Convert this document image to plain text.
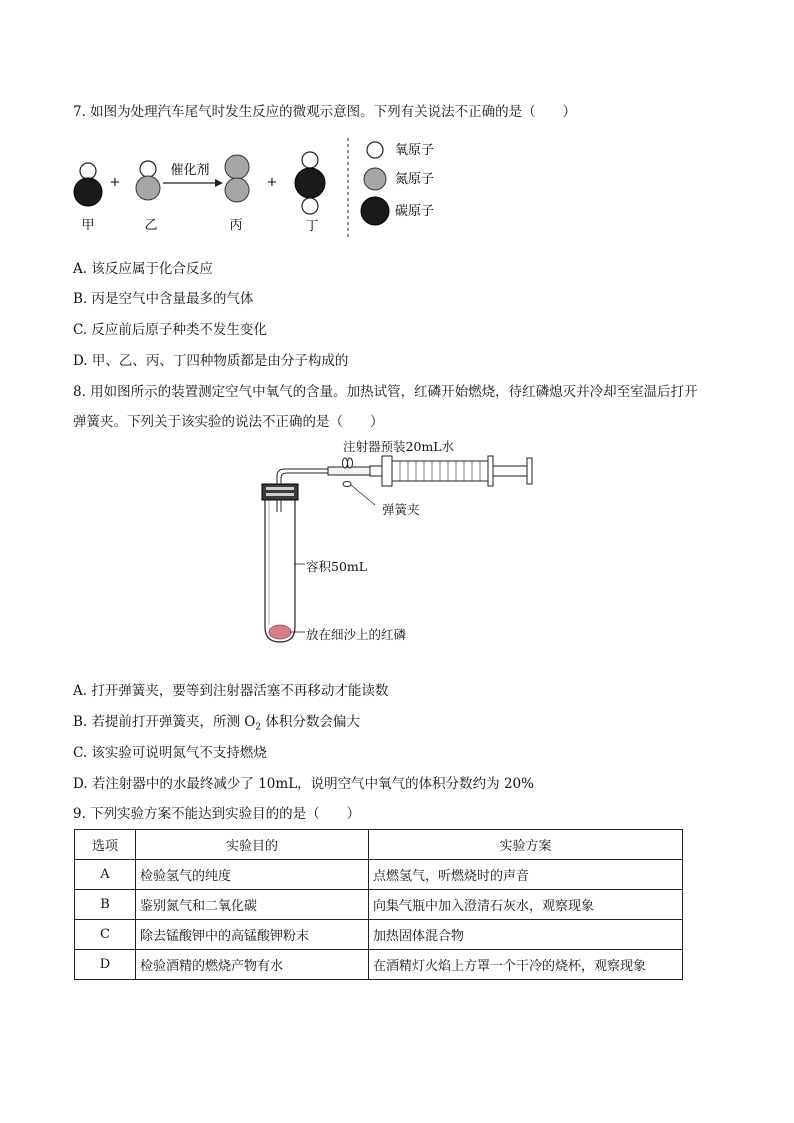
7. 如图为处理汽车尾气时发生反应的微观示意图。下列有关说法不正确的是（　　）
甲
+
乙
催化剂
丙
+
丁
氧原子
氮原子
碳原子
A. 该反应属于化合反应
B. 丙是空气中含量最多的气体
C. 反应前后原子种类不发生变化
D. 甲、乙、丙、丁四种物质都是由分子构成的
8. 用如图所示的装置测定空气中氧气的含量。加热试管，红磷开始燃烧，待红磷熄灭并冷却至室温后打开
弹簧夹。下列关于该实验的说法不正确的是（　　）
注射器预装20mL水
弹簧夹
容积50mL
放在细沙上的红磷
A. 打开弹簧夹，要等到注射器活塞不再移动才能读数
B. 若提前打开弹簧夹，所测 $O_2$ 体积分数会偏大
C. 该实验可说明氮气不支持燃烧
D. 若注射器中的水最终减少了 10mL，说明空气中氧气的体积分数约为 20%
9. 下列实验方案不能达到实验目的的是（　　）
选项	实验目的	实验方案
A	检验氢气的纯度	点燃氢气，听燃烧时的声音
B	鉴别氮气和二氧化碳	向集气瓶中加入澄清石灰水，观察现象
C	除去锰酸钾中的高锰酸钾粉末	加热固体混合物
D	检验酒精的燃烧产物有水	在酒精灯火焰上方罩一个干冷的烧杯，观察现象
